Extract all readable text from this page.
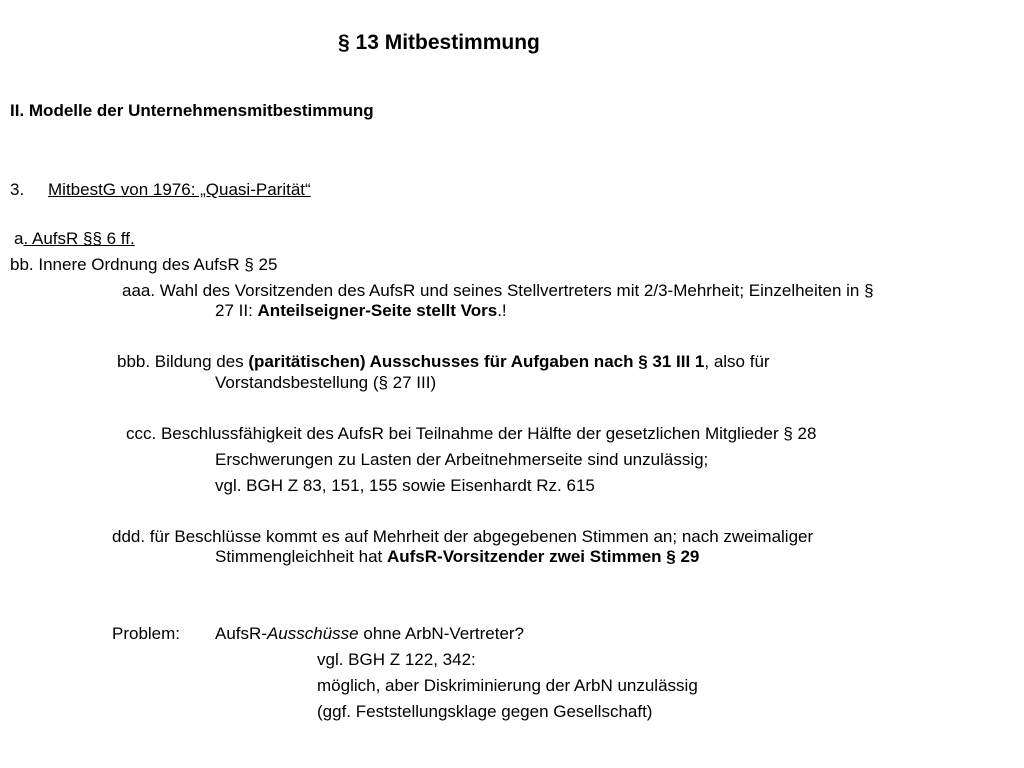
§ 13 Mitbestimmung
II. Modelle der Unternehmensmitbestimmung
3. MitbestG von 1976: „Quasi-Parität“
a. AufsR §§ 6 ff.
bb. Innere Ordnung des AufsR § 25
aaa. Wahl des Vorsitzenden des AufsR und seines Stellvertreters mit 2/3-Mehrheit; Einzelheiten in §
27 II: Anteilseigner-Seite stellt Vors.!
bbb. Bildung des (paritätischen) Ausschusses für Aufgaben nach § 31 III 1, also für
Vorstandsbestellung (§ 27 III)
ccc. Beschlussfähigkeit des AufsR bei Teilnahme der Hälfte der gesetzlichen Mitglieder § 28
Erschwerungen zu Lasten der Arbeitnehmerseite sind unzulässig;
vgl. BGH Z 83, 151, 155 sowie Eisenhardt Rz. 615
ddd. für Beschlüsse kommt es auf Mehrheit der abgegebenen Stimmen an; nach zweimaliger
Stimmengleichheit hat AufsR-Vorsitzender zwei Stimmen § 29
Problem: AufsR-Ausschüsse ohne ArbN-Vertreter?
vgl. BGH Z 122, 342:
möglich, aber Diskriminierung der ArbN unzulässig
(ggf. Feststellungsklage gegen Gesellschaft)
